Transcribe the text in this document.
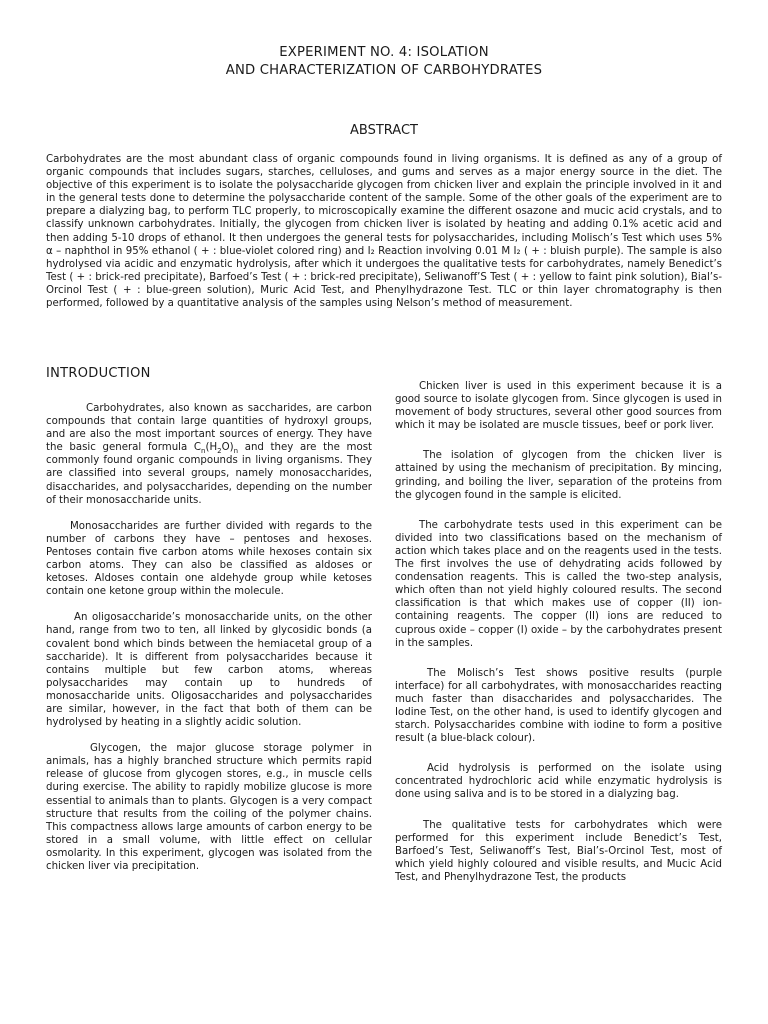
EXPERIMENT NO. 4: ISOLATION
AND CHARACTERIZATION OF CARBOHYDRATES
ABSTRACT

Carbohydrates are the most abundant class of organic compounds found in living organisms. It is defined as any of a group of organic compounds that includes sugars, starches, celluloses, and gums and serves as a major energy source in the diet. The objective of this experiment is to isolate the polysaccharide glycogen from chicken liver and explain the principle involved in it and in the general tests done to determine the polysaccharide content of the sample. Some of the other goals of the experiment are to prepare a dialyzing bag, to perform TLC properly, to microscopically examine the different osazone and mucic acid crystals, and to classify unknown carbohydrates. Initially, the glycogen from chicken liver is isolated by heating and adding 0.1% acetic acid and then adding 5-10 drops of ethanol. It then undergoes the general tests for polysaccharides, including Molisch’s Test which uses 5% α – naphthol in 95% ethanol ( + : blue-violet colored ring) and I₂ Reaction involving 0.01 M I₂ ( + : bluish purple). The sample is also hydrolysed via acidic and enzymatic hydrolysis, after which it undergoes the qualitative tests for carbohydrates, namely Benedict’s Test ( + : brick-red precipitate), Barfoed’s Test ( + : brick-red precipitate), Seliwanoff’S Test ( + : yellow to faint pink solution), Bial’s-Orcinol Test ( + : blue-green solution), Muric Acid Test, and Phenylhydrazone Test. TLC or thin layer chromatography is then performed, followed by a quantitative analysis of the samples using Nelson’s method of measurement.

INTRODUCTION

Carbohydrates, also known as saccharides, are carbon compounds that contain large quantities of hydroxyl groups, and are also the most important sources of energy. They have the basic general formula $C_n(H_2O)_n$ and they are the most commonly found organic compounds in living organisms. They are classified into several groups, namely monosaccharides, disaccharides, and polysaccharides, depending on the number of their monosaccharide units.

Monosaccharides are further divided with regards to the number of carbons they have – pentoses and hexoses. Pentoses contain five carbon atoms while hexoses contain six carbon atoms. They can also be classified as aldoses or ketoses. Aldoses contain one aldehyde group while ketoses contain one ketone group within the molecule.

An oligosaccharide’s monosaccharide units, on the other hand, range from two to ten, all linked by glycosidic bonds (a covalent bond which binds between the hemiacetal group of a saccharide). It is different from polysaccharides because it contains multiple but few carbon atoms, whereas polysaccharides may contain up to hundreds of monosaccharide units. Oligosaccharides and polysaccharides are similar, however, in the fact that both of them can be hydrolysed by heating in a slightly acidic solution.

Glycogen, the major glucose storage polymer in animals, has a highly branched structure which permits rapid release of glucose from glycogen stores, e.g., in muscle cells during exercise. The ability to rapidly mobilize glucose is more essential to animals than to plants. Glycogen is a very compact structure that results from the coiling of the polymer chains. This compactness allows large amounts of carbon energy to be stored in a small volume, with little effect on cellular osmolarity. In this experiment, glycogen was isolated from the chicken liver via precipitation.

Chicken liver is used in this experiment because it is a good source to isolate glycogen from. Since glycogen is used in movement of body structures, several other good sources from which it may be isolated are muscle tissues, beef or pork liver.

The isolation of glycogen from the chicken liver is attained by using the mechanism of precipitation. By mincing, grinding, and boiling the liver, separation of the proteins from the glycogen found in the sample is elicited.

The carbohydrate tests used in this experiment can be divided into two classifications based on the mechanism of action which takes place and on the reagents used in the tests. The first involves the use of dehydrating acids followed by condensation reagents. This is called the two-step analysis, which often than not yield highly coloured results. The second classification is that which makes use of copper (II) ion-containing reagents. The copper (II) ions are reduced to cuprous oxide – copper (I) oxide – by the carbohydrates present in the samples.

The Molisch’s Test shows positive results (purple interface) for all carbohydrates, with monosaccharides reacting much faster than disaccharides and polysaccharides. The Iodine Test, on the other hand, is used to identify glycogen and starch. Polysaccharides combine with iodine to form a positive result (a blue-black colour).

Acid hydrolysis is performed on the isolate using concentrated hydrochloric acid while enzymatic hydrolysis is done using saliva and is to be stored in a dialyzing bag.

The qualitative tests for carbohydrates which were performed for this experiment include Benedict’s Test, Barfoed’s Test, Seliwanoff’s Test, Bial’s-Orcinol Test, most of which yield highly coloured and visible results, and Mucic Acid Test, and Phenylhydrazone Test, the products
